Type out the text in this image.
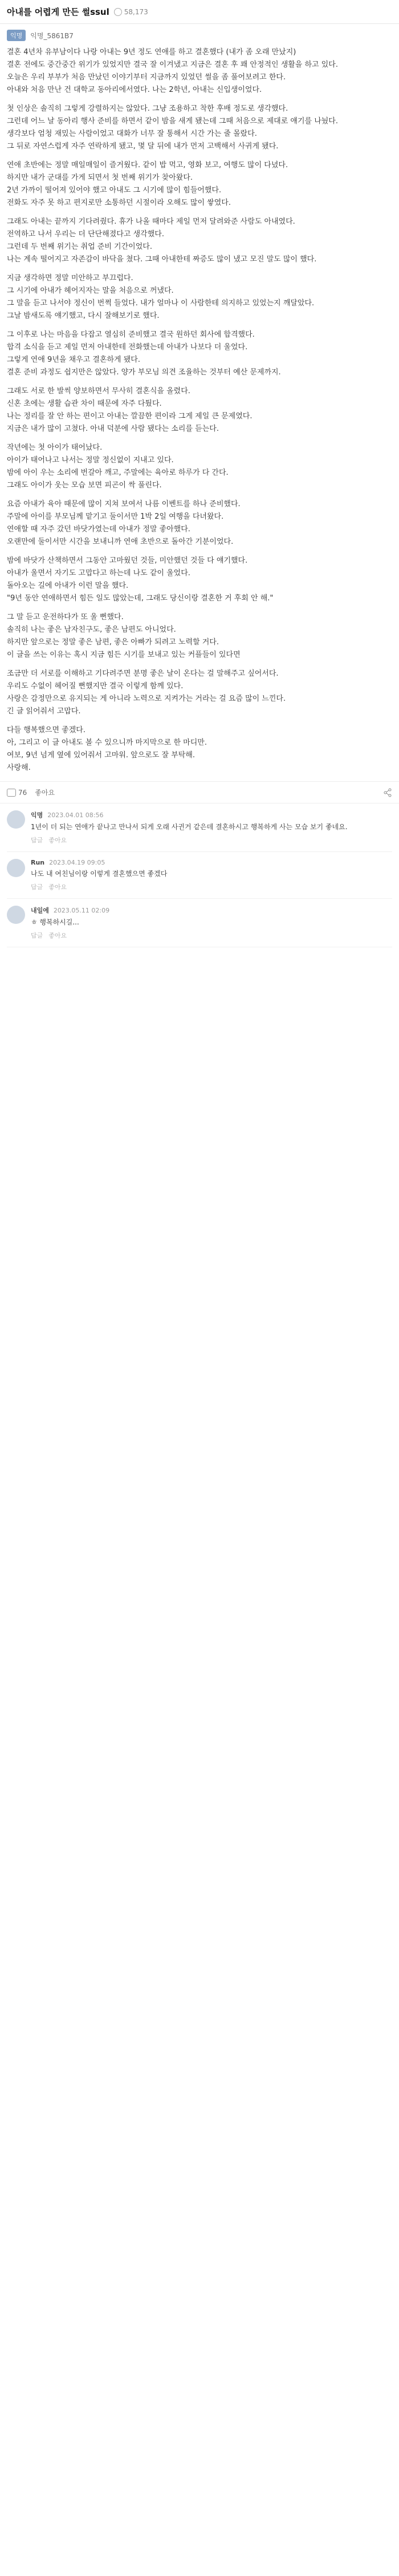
아내를 어렵게 만든 썰ssul 58,173
익명	익명_5861B7

결혼 4년차 유부남이다 나랑 아내는 9년 정도 연애를 하고 결혼했다 (내가 좀 오래 만났지)

결혼 전에도 중간중간 위기가 있었지만 결국 잘 이겨냈고 지금은 결혼 후 꽤 안정적인 생활을 하고 있다.

오늘은 우리 부부가 처음 만났던 이야기부터 지금까지 있었던 썰을 좀 풀어보려고 한다.

아내와 처음 만난 건 대학교 동아리에서였다. 나는 2학년, 아내는 신입생이었다.

첫 인상은 솔직히 그렇게 강렬하지는 않았다. 그냥 조용하고 착한 후배 정도로 생각했다.

그런데 어느 날 동아리 행사 준비를 하면서 같이 밤을 새게 됐는데 그때 처음으로 제대로 얘기를 나눴다.

생각보다 엄청 재밌는 사람이었고 대화가 너무 잘 통해서 시간 가는 줄 몰랐다.

그 뒤로 자연스럽게 자주 연락하게 됐고, 몇 달 뒤에 내가 먼저 고백해서 사귀게 됐다.

연애 초반에는 정말 매일매일이 즐거웠다. 같이 밥 먹고, 영화 보고, 여행도 많이 다녔다.

하지만 내가 군대를 가게 되면서 첫 번째 위기가 찾아왔다.

2년 가까이 떨어져 있어야 했고 아내도 그 시기에 많이 힘들어했다.

전화도 자주 못 하고 편지로만 소통하던 시절이라 오해도 많이 쌓였다.

그래도 아내는 끝까지 기다려줬다. 휴가 나올 때마다 제일 먼저 달려와준 사람도 아내였다.

전역하고 나서 우리는 더 단단해졌다고 생각했다.

그런데 두 번째 위기는 취업 준비 기간이었다.

나는 계속 떨어지고 자존감이 바닥을 쳤다. 그때 아내한테 짜증도 많이 냈고 모진 말도 많이 했다.

지금 생각하면 정말 미안하고 부끄럽다.

그 시기에 아내가 헤어지자는 말을 처음으로 꺼냈다.

그 말을 듣고 나서야 정신이 번쩍 들었다. 내가 얼마나 이 사람한테 의지하고 있었는지 깨달았다.

그날 밤새도록 얘기했고, 다시 잘해보기로 했다.

그 이후로 나는 마음을 다잡고 열심히 준비했고 결국 원하던 회사에 합격했다.

합격 소식을 듣고 제일 먼저 아내한테 전화했는데 아내가 나보다 더 울었다.

그렇게 연애 9년을 채우고 결혼하게 됐다.

결혼 준비 과정도 쉽지만은 않았다. 양가 부모님 의견 조율하는 것부터 예산 문제까지.

그래도 서로 한 발씩 양보하면서 무사히 결혼식을 올렸다.

신혼 초에는 생활 습관 차이 때문에 자주 다퉜다.

나는 정리를 잘 안 하는 편이고 아내는 깔끔한 편이라 그게 제일 큰 문제였다.

지금은 내가 많이 고쳤다. 아내 덕분에 사람 됐다는 소리를 듣는다.

작년에는 첫 아이가 태어났다.

아이가 태어나고 나서는 정말 정신없이 지내고 있다.

밤에 아이 우는 소리에 번갈아 깨고, 주말에는 육아로 하루가 다 간다.

그래도 아이가 웃는 모습 보면 피곤이 싹 풀린다.

요즘 아내가 육아 때문에 많이 지쳐 보여서 나름 이벤트를 하나 준비했다.

주말에 아이를 부모님께 맡기고 둘이서만 1박 2일 여행을 다녀왔다.

연애할 때 자주 갔던 바닷가였는데 아내가 정말 좋아했다.

오랜만에 둘이서만 시간을 보내니까 연애 초반으로 돌아간 기분이었다.

밤에 바닷가 산책하면서 그동안 고마웠던 것들, 미안했던 것들 다 얘기했다.

아내가 울면서 자기도 고맙다고 하는데 나도 같이 울었다.

돌아오는 길에 아내가 이런 말을 했다.

"9년 동안 연애하면서 힘든 일도 많았는데, 그래도 당신이랑 결혼한 거 후회 안 해."

그 말 듣고 운전하다가 또 울 뻔했다.

솔직히 나는 좋은 남자친구도, 좋은 남편도 아니었다.

하지만 앞으로는 정말 좋은 남편, 좋은 아빠가 되려고 노력할 거다.

이 글을 쓰는 이유는 혹시 지금 힘든 시기를 보내고 있는 커플들이 있다면

조금만 더 서로를 이해하고 기다려주면 분명 좋은 날이 온다는 걸 말해주고 싶어서다.

우리도 수없이 헤어질 뻔했지만 결국 이렇게 함께 있다.

사랑은 감정만으로 유지되는 게 아니라 노력으로 지켜가는 거라는 걸 요즘 많이 느낀다.

긴 글 읽어줘서 고맙다.

다들 행복했으면 좋겠다.

아, 그리고 이 글 아내도 볼 수 있으니까 마지막으로 한 마디만.

여보, 9년 넘게 옆에 있어줘서 고마워. 앞으로도 잘 부탁해.

사랑해.

76 좋아요
익명 2023.04.01 08:56
1년이 더 되는 연애가 끝나고 만나서 되게 오래 사귄거 같은데 결혼하시고 행복하게 사는 모습 보기 좋네요.
답글 좋아요
Run 2023.04.19 09:05
나도 내 여친님이랑 이렇게 결혼했으면 좋겠다
답글 좋아요
내일에 2023.05.11 02:09
ㅎ 행복하시길...
답글 좋아요
